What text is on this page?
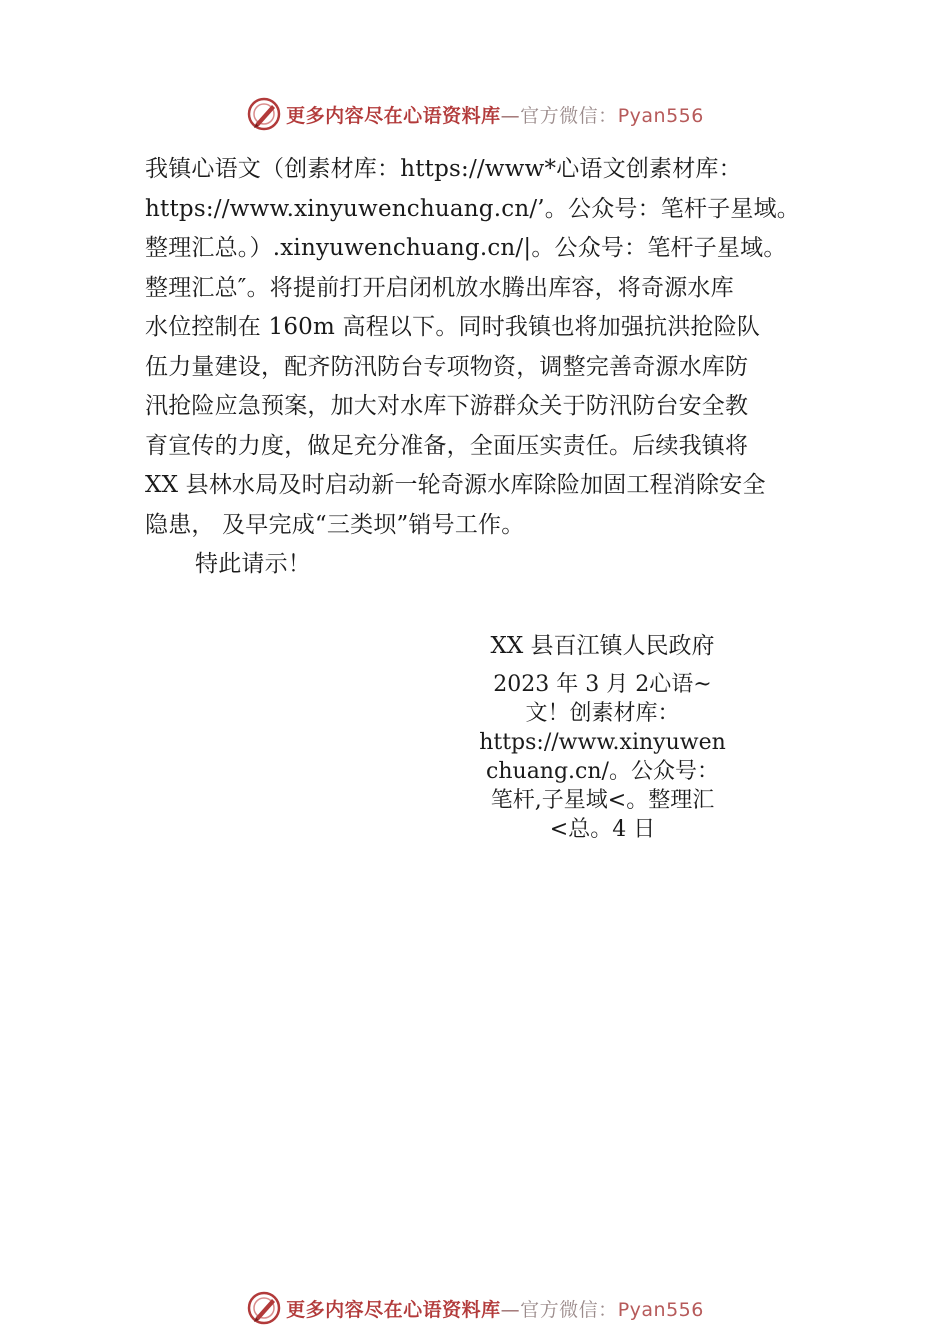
更多内容尽在心语资料库—官方微信：Pyan556
我镇心语文（创素材库：https://www*心语文创素材库：
https://www.xinyuwenchuang.cn/’。公众号：笔杆子星域。
整理汇总。）.xinyuwenchuang.cn/|。公众号：笔杆子星域。
整理汇总″。将提前打开启闭机放水腾出库容，将奇源水库
水位控制在 160m 高程以下。同时我镇也将加强抗洪抢险队
伍力量建设，配齐防汛防台专项物资，调整完善奇源水库防
汛抢险应急预案，加大对水库下游群众关于防汛防台安全教
育宣传的力度，做足充分准备，全面压实责任。后续我镇将
XX 县林水局及时启动新一轮奇源水库除险加固工程消除安全
隐患， 及早完成“三类坝”销号工作。
特此请示！
XX 县百江镇人民政府
2023 年 3 月 2心语~
文！创素材库：
https://www.xinyuwen
chuang.cn/。公众号：
笔杆,子星域<。整理汇
<总。4 日
更多内容尽在心语资料库—官方微信：Pyan556
